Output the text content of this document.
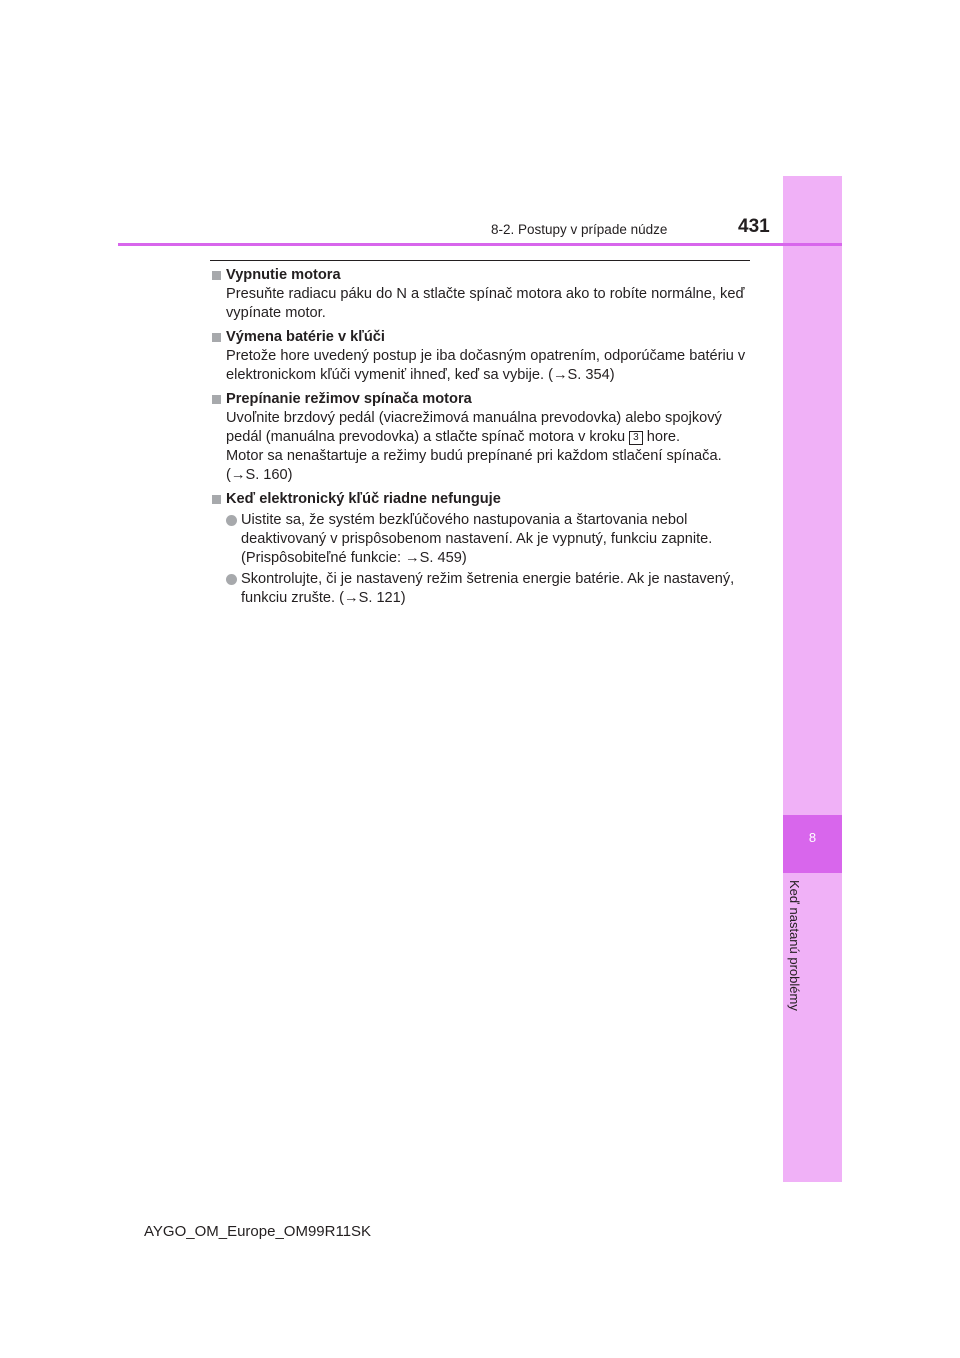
8
Keď nastanú problémy
8-2. Postupy v prípade núdze	431
Vypnutie motora
Presuňte radiacu páku do N a stlačte spínač motora ako to robíte normálne, keď vypínate motor.
Výmena batérie v kľúči
Pretože hore uvedený postup je iba dočasným opatrením, odporúčame batériu v elektronickom kľúči vymeniť ihneď, keď sa vybije. (→S. 354)
Prepínanie režimov spínača motora
Uvoľnite brzdový pedál (viacrežimová manuálna prevodovka) alebo spojkový pedál (manuálna prevodovka) a stlačte spínač motora v kroku 3 hore.
Motor sa nenaštartuje a režimy budú prepínané pri každom stlačení spínača. (→S. 160)
Keď elektronický kľúč riadne nefunguje
Uistite sa, že systém bezkľúčového nastupovania a štartovania nebol deaktivovaný v prispôsobenom nastavení. Ak je vypnutý, funkciu zapnite. (Prispôsobiteľné funkcie: →S. 459)
Skontrolujte, či je nastavený režim šetrenia energie batérie. Ak je nastavený, funkciu zrušte. (→S. 121)
AYGO_OM_Europe_OM99R11SK
